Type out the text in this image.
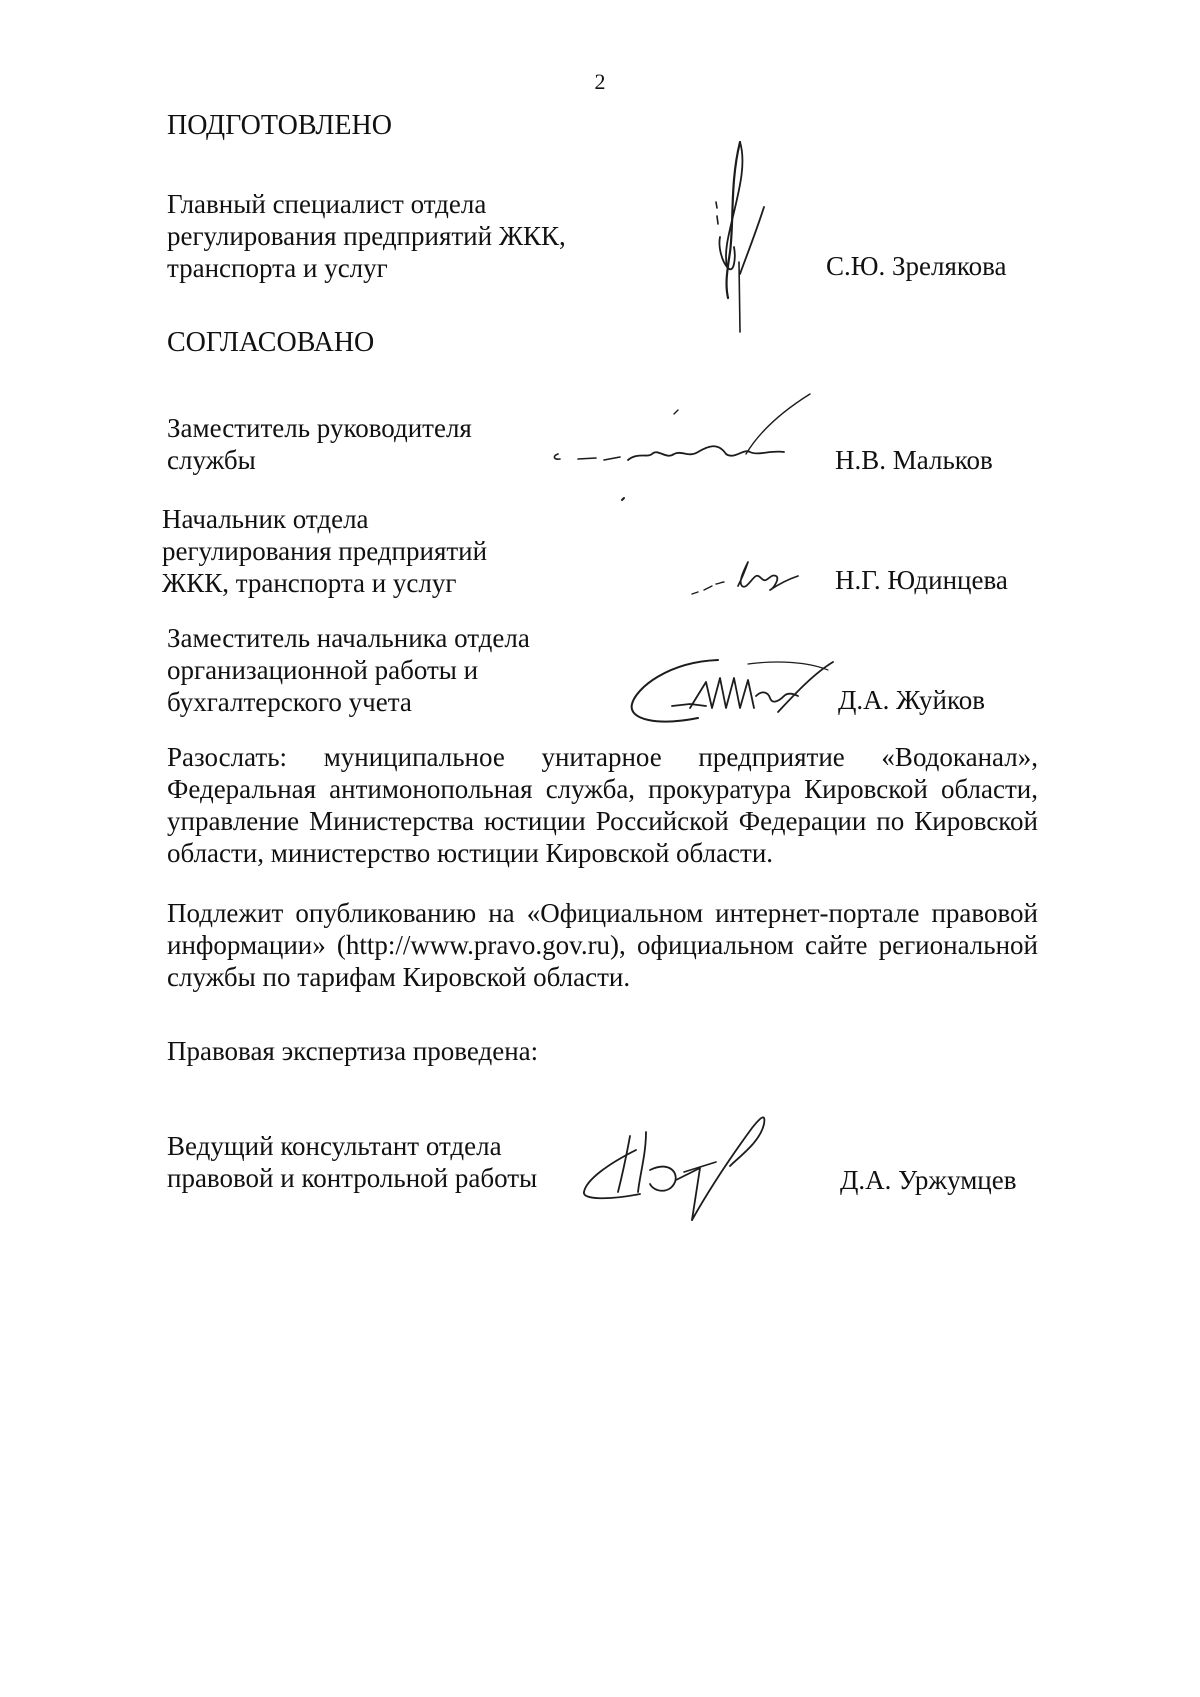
2

ПОДГОТОВЛЕНО

Главный специалист отдела
регулирования предприятий ЖКК,
транспорта и услуг	С.Ю. Зрелякова

СОГЛАСОВАНО

Заместитель руководителя
службы	Н.В. Мальков

Начальник отдела
регулирования предприятий
ЖКК, транспорта и услуг	Н.Г. Юдинцева

Заместитель начальника отдела
организационной работы и
бухгалтерского учета	Д.А. Жуйков

Разослать: муниципальное унитарное предприятие «Водоканал»,

Федеральная антимонопольная служба, прокуратура Кировской области,

управление Министерства юстиции Российской Федерации по Кировской

области, министерство юстиции Кировской области.

Подлежит опубликованию на «Официальном интернет-портале правовой

информации» (http://www.pravo.gov.ru), официальном сайте региональной

службы по тарифам Кировской области.

Правовая экспертиза проведена:

Ведущий консультант отдела
правовой и контрольной работы	Д.А. Уржумцев
